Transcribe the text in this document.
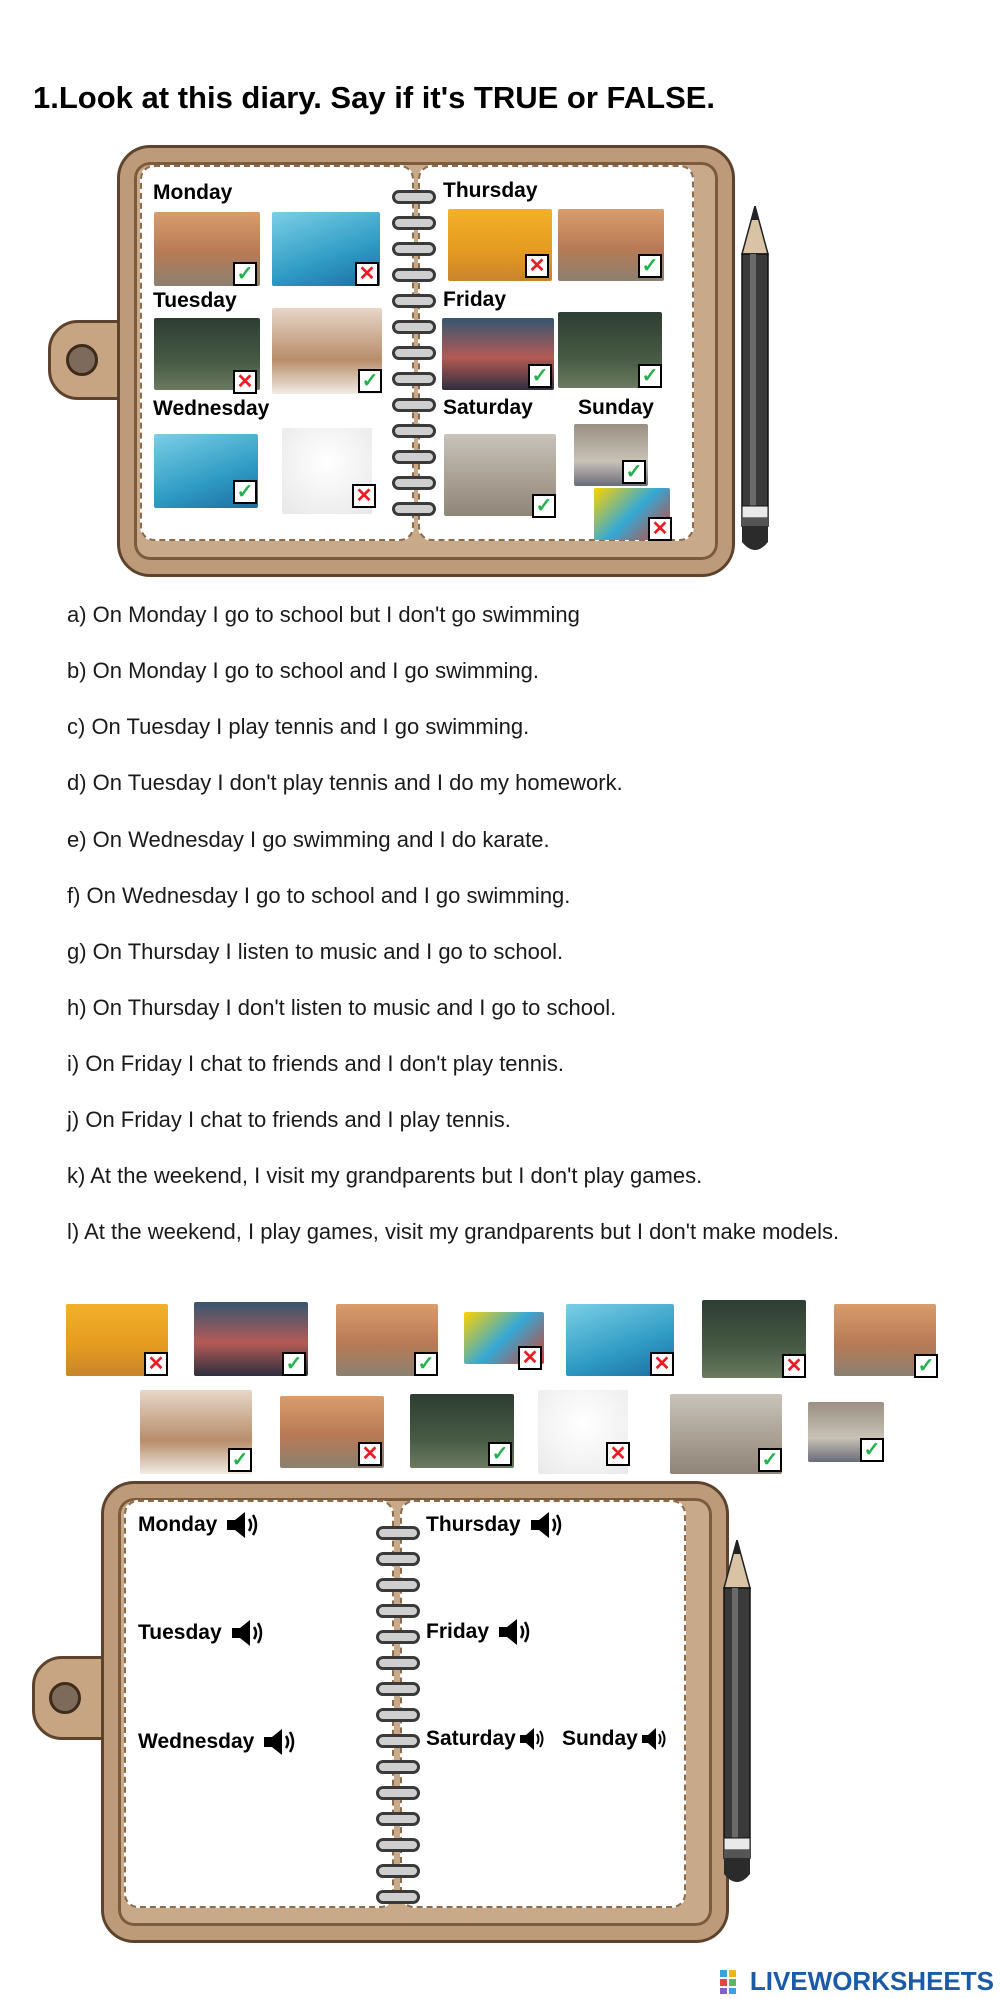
1.Look at this diary. Say if it's TRUE or FALSE.
Monday
Tuesday
Wednesday
Thursday
Friday
Saturday Sunday
✓	✕
✕	✓
✓	✕
✕	✓
✓	✓
✓
✓
✕
a) On Monday I go to school but I don't go swimming
b) On Monday I go to school and I go swimming.
c) On Tuesday I play tennis and I go swimming.
d) On Tuesday I don't play tennis and I do my homework.
e) On Wednesday I go swimming and I do karate.
f) On Wednesday I go to school and I go swimming.
g) On Thursday I listen to music and I go to school.
h) On Thursday I don't listen to music and I go to school.
i) On Friday I chat to friends and I don't play tennis.
j) On Friday I chat to friends and I play tennis.
k) At the weekend, I visit my grandparents but I don't play games.
l) At the weekend, I play games, visit my grandparents but I don't make models.
✕	✓	✓	✕	✕	✕	✓
✓	✕	✓	✕	✓	✓
Monday
Tuesday
Wednesday
Thursday
Friday
Saturday Sunday
LIVEWORKSHEETS
